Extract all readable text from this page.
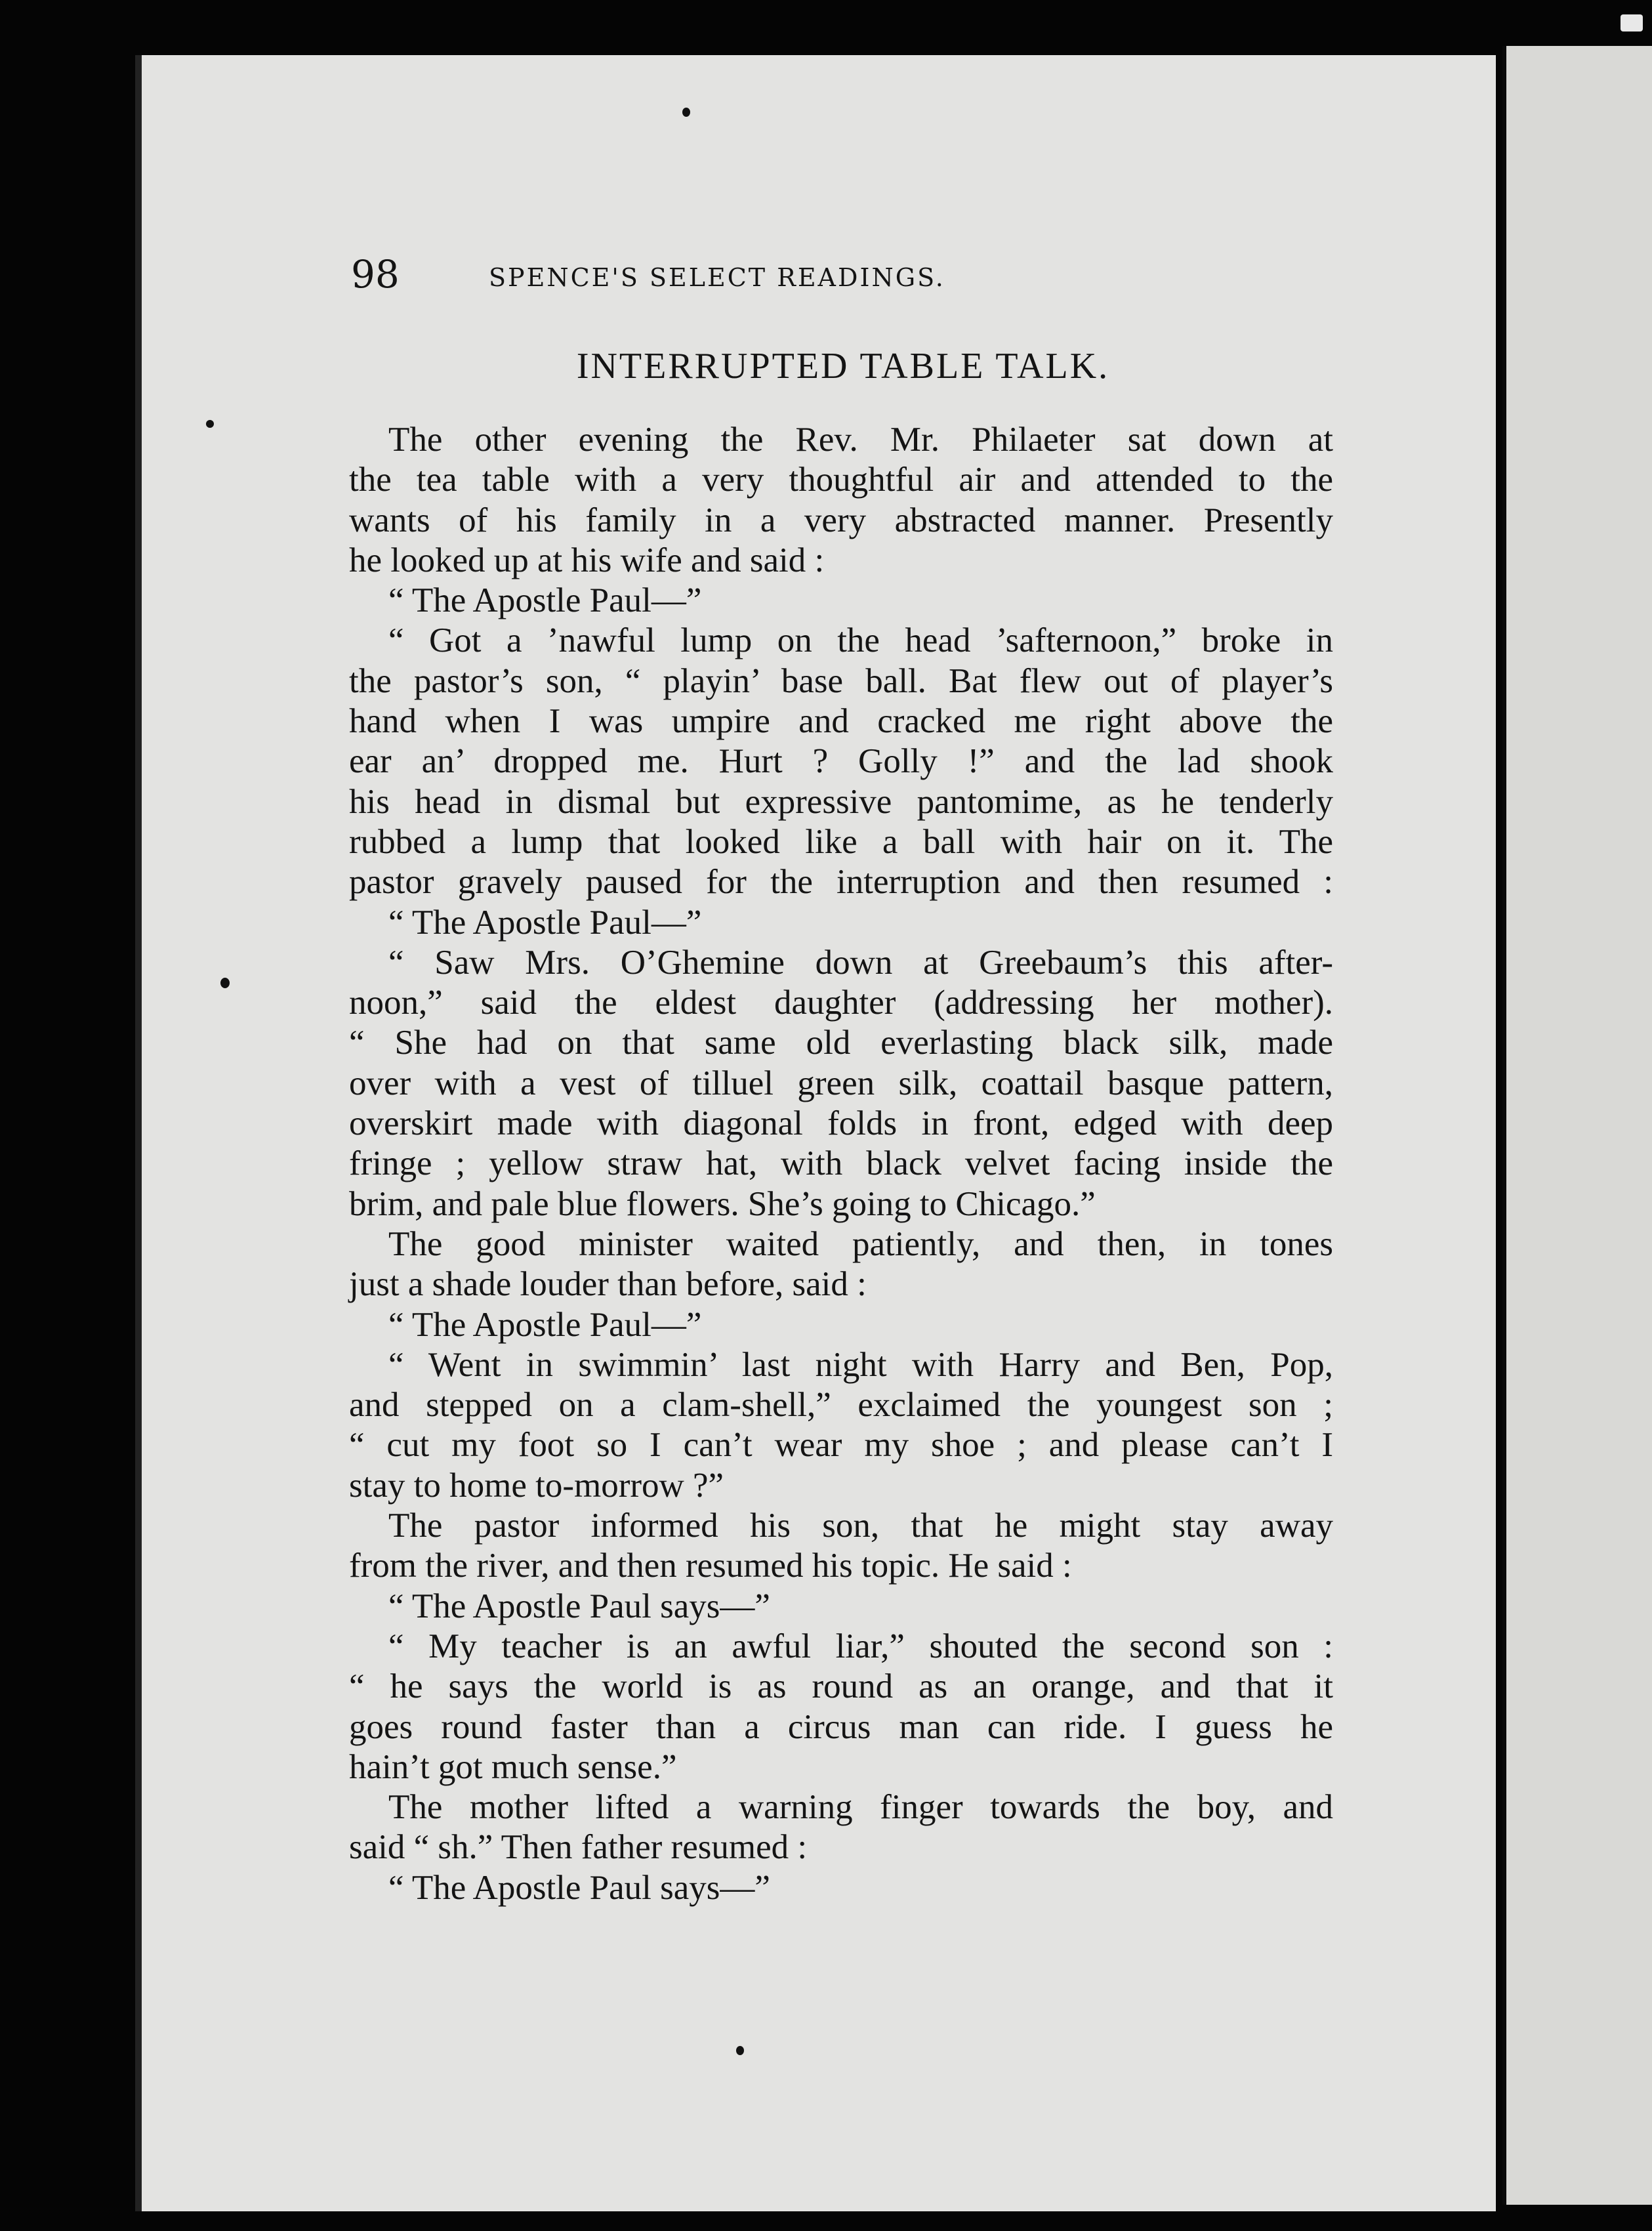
98	SPENCE'S SELECT READINGS.
INTERRUPTED TABLE TALK.
The other evening the Rev. Mr. Philaeter sat down at
the tea table with a very thoughtful air and attended to the
wants of his family in a very abstracted manner. Presently
he looked up at his wife and said :
“ The Apostle Paul—”
“ Got a ’nawful lump on the head ’safternoon,” broke in
the pastor’s son, “ playin’ base ball. Bat flew out of player’s
hand when I was umpire and cracked me right above the
ear an’ dropped me. Hurt ? Golly !” and the lad shook
his head in dismal but expressive pantomime, as he tenderly
rubbed a lump that looked like a ball with hair on it. The
pastor gravely paused for the interruption and then resumed :
“ The Apostle Paul—”
“ Saw Mrs. O’Ghemine down at Greebaum’s this after-
noon,” said the eldest daughter (addressing her mother).
“ She had on that same old everlasting black silk, made
over with a vest of tilluel green silk, coattail basque pattern,
overskirt made with diagonal folds in front, edged with deep
fringe ; yellow straw hat, with black velvet facing inside the
brim, and pale blue flowers. She’s going to Chicago.”
The good minister waited patiently, and then, in tones
just a shade louder than before, said :
“ The Apostle Paul—”
“ Went in swimmin’ last night with Harry and Ben, Pop,
and stepped on a clam-shell,” exclaimed the youngest son ;
“ cut my foot so I can’t wear my shoe ; and please can’t I
stay to home to-morrow ?”
The pastor informed his son, that he might stay away
from the river, and then resumed his topic. He said :
“ The Apostle Paul says—”
“ My teacher is an awful liar,” shouted the second son :
“ he says the world is as round as an orange, and that it
goes round faster than a circus man can ride. I guess he
hain’t got much sense.”
The mother lifted a warning finger towards the boy, and
said “ sh.” Then father resumed :
“ The Apostle Paul says—”
